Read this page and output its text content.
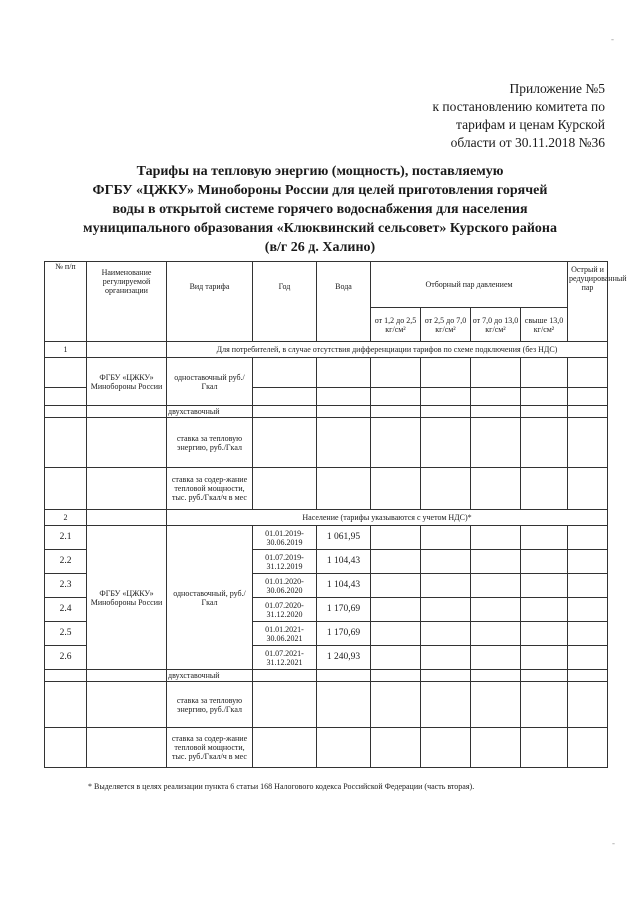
-
-
Приложение №5
к постановлению комитета по
тарифам и ценам Курской
области от 30.11.2018 №36
Тарифы на тепловую энергию (мощность), поставляемую
ФГБУ «ЦЖКУ» Минобороны России для целей приготовления горячей
воды в открытой системе горячего водоснабжения для населения
муниципального образования «Клюквинский сельсовет» Курского района
(в/г 26 д. Халино)
№ п/п	Наименование регулируемой организации	Вид тарифа	Год	Вода	Отборный пар давлением				Острый и редуцированный пар
					от 1,2 до 2,5 кг/см²	от 2,5 до 7,0 кг/см²	от 7,0 до 13,0 кг/см²	свыше 13,0 кг/см²	
1		Для потребителей, в случае отсутствия дифференциации тарифов по схеме подключения (без НДС)							
	ФГБУ «ЦЖКУ» Минобороны России	одноставочный руб./Гкал							

		двухставочный							
		ставка за тепловую энергию, руб./Гкал							
		ставка за содер-жание тепловой мощности, тыс. руб./Гкал/ч в мес							
2		Население (тарифы указываются с учетом НДС)*							
2.1	ФГБУ «ЦЖКУ» Минобороны России	одноставочный, руб./Гкал	01.01.2019-30.06.2019	1 061,95					
2.2			01.07.2019-31.12.2019	1 104,43					
2.3			01.01.2020-30.06.2020	1 104,43					
2.4			01.07.2020-31.12.2020	1 170,69					
2.5			01.01.2021-30.06.2021	1 170,69					
2.6			01.07.2021-31.12.2021	1 240,93					
		двухставочный							
		ставка за тепловую энергию, руб./Гкал							
		ставка за содер-жание тепловой мощности, тыс. руб./Гкал/ч в мес							
* Выделяется в целях реализации пункта 6 статьи 168 Налогового кодекса Российской Федерации (часть вторая).
